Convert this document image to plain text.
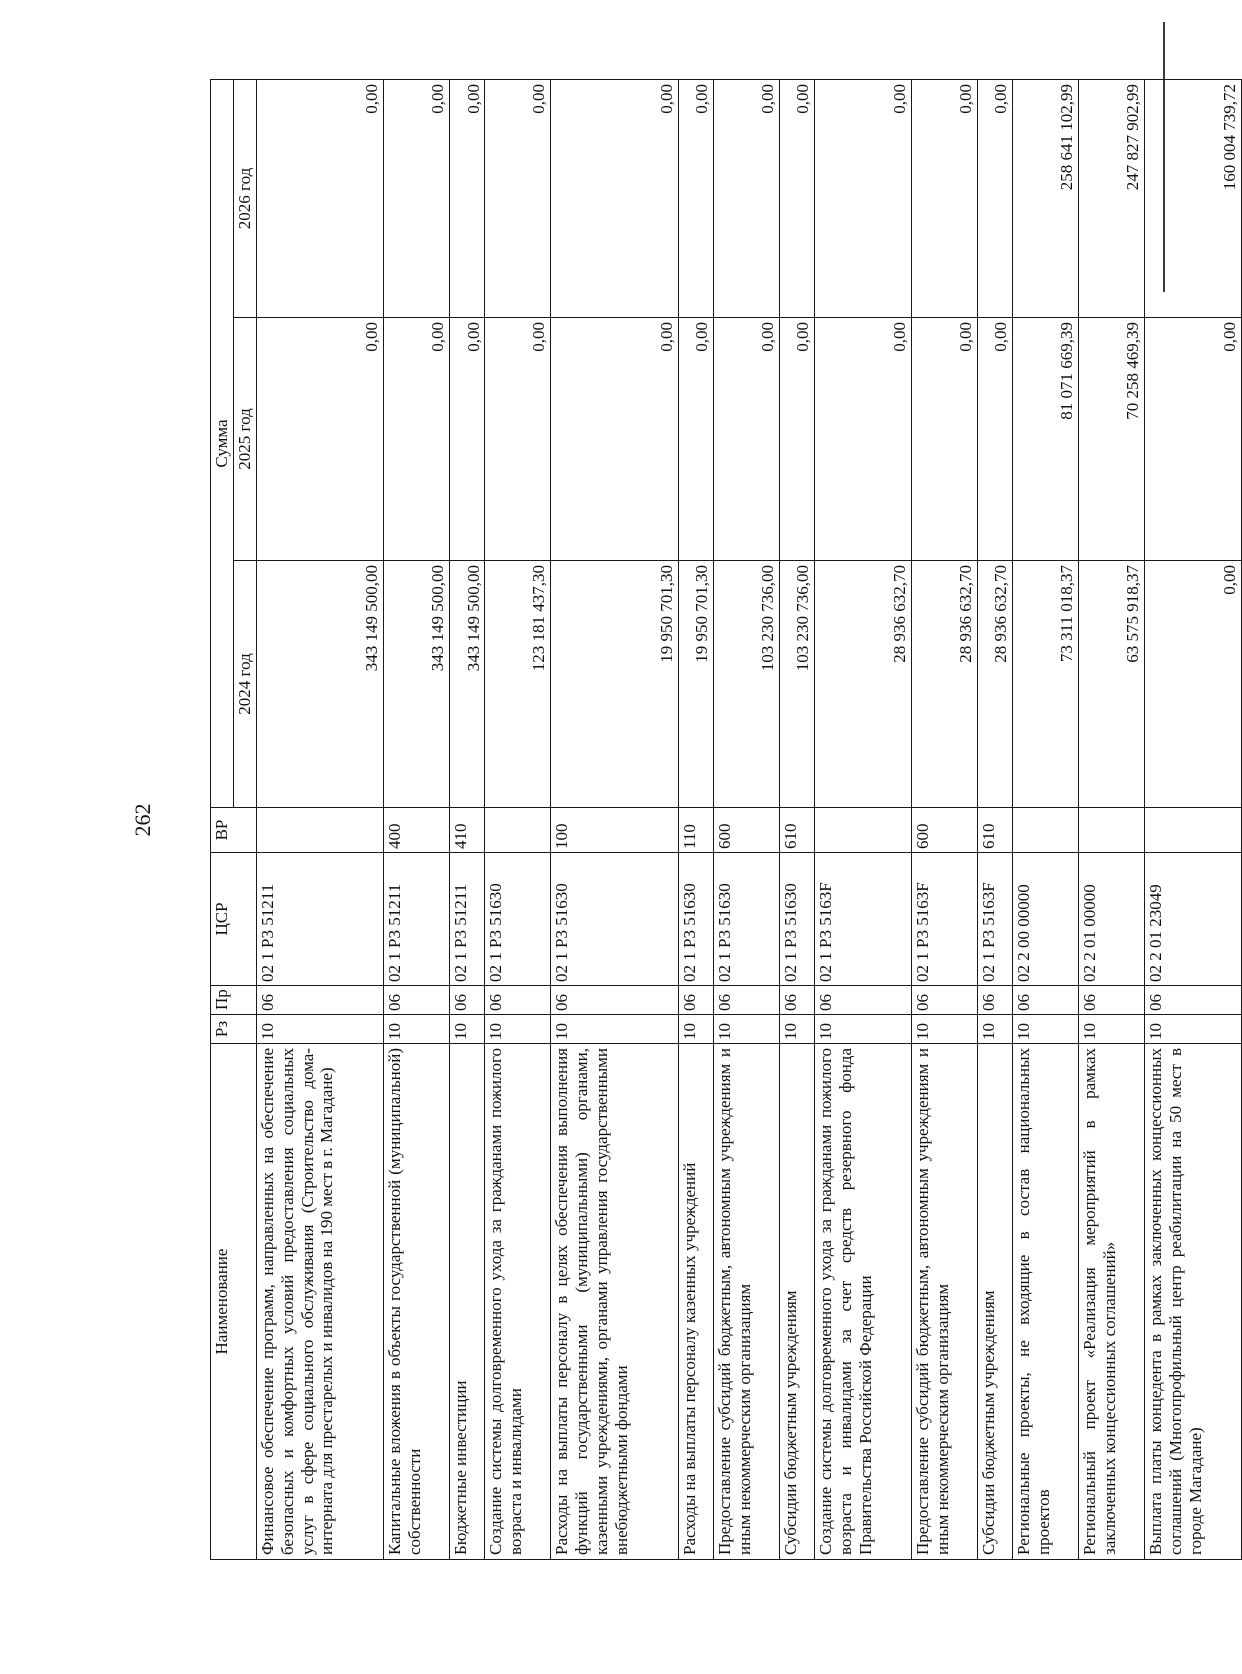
262
Наименование	Рз	Пр	ЦСР	ВР	Сумма		
					2024 год	2025 год	2026 год
Финансовое обеспечение программ, направленных на обеспечение безопасных и комфортных условий предоставления социальных услуг в сфере социального обслуживания (Строительство дома-интерната для престарелых и инвалидов на 190 мест в г. Магадане)	10	06	02 1 P3 51211		343 149 500,00	0,00	0,00
Капитальные вложения в объекты государственной (муниципальной) собственности	10	06	02 1 P3 51211	400	343 149 500,00	0,00	0,00
Бюджетные инвестиции	10	06	02 1 P3 51211	410	343 149 500,00	0,00	0,00
Создание системы долговременного ухода за гражданами пожилого возраста и инвалидами	10	06	02 1 P3 51630		123 181 437,30	0,00	0,00
Расходы на выплаты персоналу в целях обеспечения выполнения функций государственными (муниципальными) органами, казенными учреждениями, органами управления государственными внебюджетными фондами	10	06	02 1 P3 51630	100	19 950 701,30	0,00	0,00
Расходы на выплаты персоналу казенных учреждений	10	06	02 1 P3 51630	110	19 950 701,30	0,00	0,00
Предоставление субсидий бюджетным, автономным учреждениям и иным некоммерческим организациям	10	06	02 1 P3 51630	600	103 230 736,00	0,00	0,00
Субсидии бюджетным учреждениям	10	06	02 1 P3 51630	610	103 230 736,00	0,00	0,00
Создание системы долговременного ухода за гражданами пожилого возраста и инвалидами за счет средств резервного фонда Правительства Российской Федерации	10	06	02 1 P3 5163F		28 936 632,70	0,00	0,00
Предоставление субсидий бюджетным, автономным учреждениям и иным некоммерческим организациям	10	06	02 1 P3 5163F	600	28 936 632,70	0,00	0,00
Субсидии бюджетным учреждениям	10	06	02 1 P3 5163F	610	28 936 632,70	0,00	0,00
Региональные проекты, не входящие в состав национальных проектов	10	06	02 2 00 00000		73 311 018,37	81 071 669,39	258 641 102,99
Региональный проект «Реализация мероприятий в рамках заключенных концессионных соглашений»	10	06	02 2 01 00000		63 575 918,37	70 258 469,39	247 827 902,99
Выплата платы концедента в рамках заключенных концессионных соглашений (Многопрофильный центр реабилитации на 50 мест в городе Магадане)	10	06	02 2 01 23049		0,00	0,00	160 004 739,72
